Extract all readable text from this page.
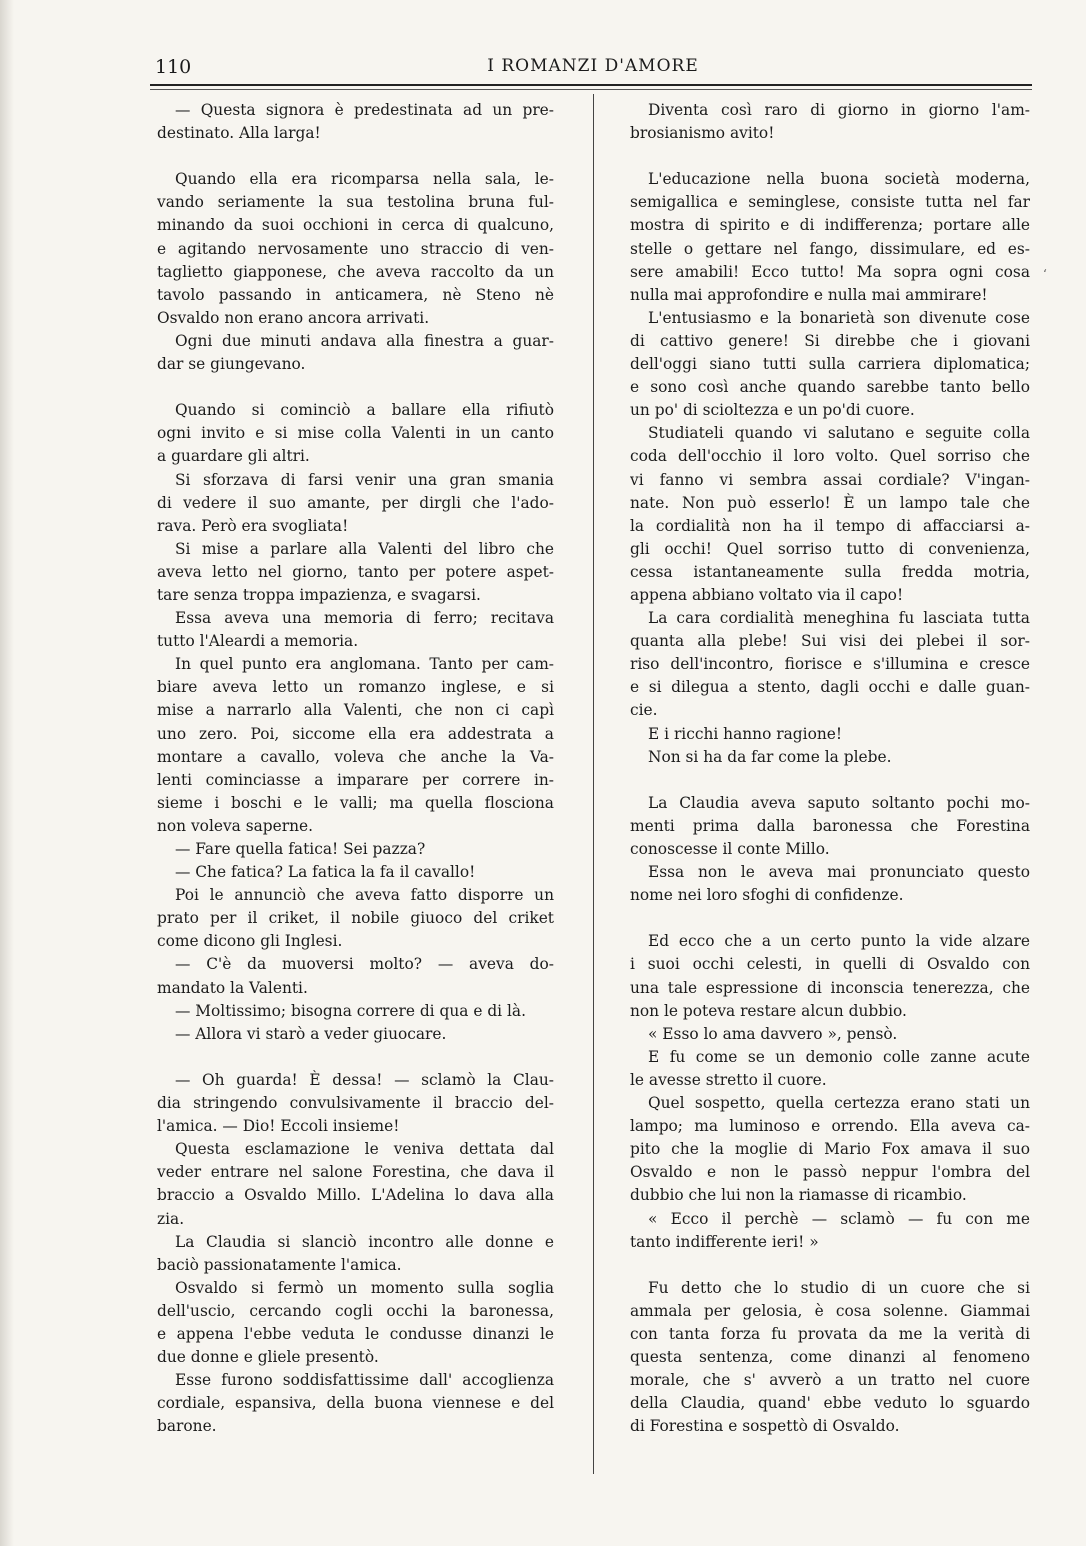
110	I ROMANZI D'AMORE
— Questa signora è predestinata ad un pre-
destinato. Alla larga!
Quando ella era ricomparsa nella sala, le-
vando seriamente la sua testolina bruna ful-
minando da suoi occhioni in cerca di qualcuno,
e agitando nervosamente uno straccio di ven-
taglietto giapponese, che aveva raccolto da un
tavolo passando in anticamera, nè Steno nè
Osvaldo non erano ancora arrivati.
Ogni due minuti andava alla finestra a guar-
dar se giungevano.
Quando si cominciò a ballare ella rifiutò
ogni invito e si mise colla Valenti in un canto
a guardare gli altri.
Si sforzava di farsi venir una gran smania
di vedere il suo amante, per dirgli che l'ado-
rava. Però era svogliata!
Si mise a parlare alla Valenti del libro che
aveva letto nel giorno, tanto per potere aspet-
tare senza troppa impazienza, e svagarsi.
Essa aveva una memoria di ferro; recitava
tutto l'Aleardi a memoria.
In quel punto era anglomana. Tanto per cam-
biare aveva letto un romanzo inglese, e si
mise a narrarlo alla Valenti, che non ci capì
uno zero. Poi, siccome ella era addestrata a
montare a cavallo, voleva che anche la Va-
lenti cominciasse a imparare per correre in-
sieme i boschi e le valli; ma quella flosciona
non voleva saperne.
— Fare quella fatica! Sei pazza?
— Che fatica? La fatica la fa il cavallo!
Poi le annunciò che aveva fatto disporre un
prato per il criket, il nobile giuoco del criket
come dicono gli Inglesi.
— C'è da muoversi molto? — aveva do-
mandato la Valenti.
— Moltissimo; bisogna correre di qua e di là.
— Allora vi starò a veder giuocare.
— Oh guarda! È dessa! — sclamò la Clau-
dia stringendo convulsivamente il braccio del-
l'amica. — Dio! Eccoli insieme!
Questa esclamazione le veniva dettata dal
veder entrare nel salone Forestina, che dava il
braccio a Osvaldo Millo. L'Adelina lo dava alla
zia.
La Claudia si slanciò incontro alle donne e
baciò passionatamente l'amica.
Osvaldo si fermò un momento sulla soglia
dell'uscio, cercando cogli occhi la baronessa,
e appena l'ebbe veduta le condusse dinanzi le
due donne e gliele presentò.
Esse furono soddisfattissime dall' accoglienza
cordiale, espansiva, della buona viennese e del
barone.
Diventa così raro di giorno in giorno l'am-
brosianismo avito!
L'educazione nella buona società moderna,
semigallica e seminglese, consiste tutta nel far
mostra di spirito e di indifferenza; portare alle
stelle o gettare nel fango, dissimulare, ed es-
sere amabili! Ecco tutto! Ma sopra ogni cosa
nulla mai approfondire e nulla mai ammirare!
L'entusiasmo e la bonarietà son divenute cose
di cattivo genere! Si direbbe che i giovani
dell'oggi siano tutti sulla carriera diplomatica;
e sono così anche quando sarebbe tanto bello
un po' di scioltezza e un po'di cuore.
Studiateli quando vi salutano e seguite colla
coda dell'occhio il loro volto. Quel sorriso che
vi fanno vi sembra assai cordiale? V'ingan-
nate. Non può esserlo! È un lampo tale che
la cordialità non ha il tempo di affacciarsi a-
gli occhi! Quel sorriso tutto di convenienza,
cessa istantaneamente sulla fredda motria,
appena abbiano voltato via il capo!
La cara cordialità meneghina fu lasciata tutta
quanta alla plebe! Sui visi dei plebei il sor-
riso dell'incontro, fiorisce e s'illumina e cresce
e si dilegua a stento, dagli occhi e dalle guan-
cie.
E i ricchi hanno ragione!
Non si ha da far come la plebe.
La Claudia aveva saputo soltanto pochi mo-
menti prima dalla baronessa che Forestina
conoscesse il conte Millo.
Essa non le aveva mai pronunciato questo
nome nei loro sfoghi di confidenze.
Ed ecco che a un certo punto la vide alzare
i suoi occhi celesti, in quelli di Osvaldo con
una tale espressione di inconscia tenerezza, che
non le poteva restare alcun dubbio.
« Esso lo ama davvero », pensò.
E fu come se un demonio colle zanne acute
le avesse stretto il cuore.
Quel sospetto, quella certezza erano stati un
lampo; ma luminoso e orrendo. Ella aveva ca-
pito che la moglie di Mario Fox amava il suo
Osvaldo e non le passò neppur l'ombra del
dubbio che lui non la riamasse di ricambio.
« Ecco il perchè — sclamò — fu con me
tanto indifferente ieri! »
Fu detto che lo studio di un cuore che si
ammala per gelosia, è cosa solenne. Giammai
con tanta forza fu provata da me la verità di
questa sentenza, come dinanzi al fenomeno
morale, che s' avverò a un tratto nel cuore
della Claudia, quand' ebbe veduto lo sguardo
di Forestina e sospettò di Osvaldo.
ʻ
